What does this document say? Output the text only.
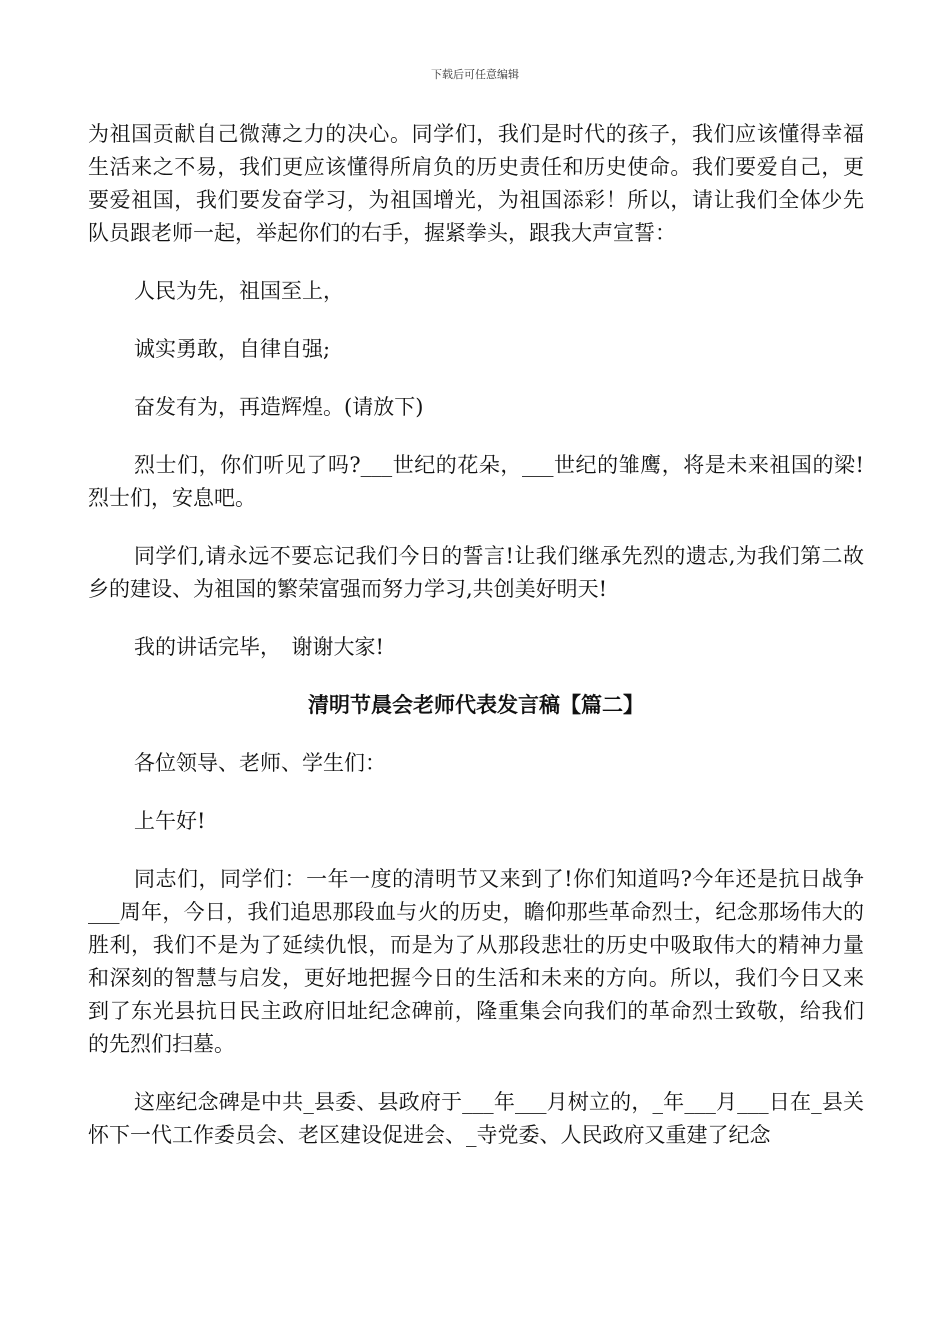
下载后可任意编辑

为祖国贡献自己微薄之力的决心。同学们，我们是时代的孩子，我们应该懂得幸福生活来之不易，我们更应该懂得所肩负的历史责任和历史使命。我们要爱自己，更要爱祖国，我们要发奋学习，为祖国增光，为祖国添彩！所以，请让我们全体少先队员跟老师一起，举起你们的右手，握紧拳头，跟我大声宣誓：

人民为先，祖国至上，

诚实勇敢，自律自强;

奋发有为，再造辉煌。(请放下)

烈士们，你们听见了吗?___世纪的花朵，___世纪的雏鹰，将是未来祖国的梁!烈士们，安息吧。

同学们,请永远不要忘记我们今日的誓言!让我们继承先烈的遗志,为我们第二故乡的建设、为祖国的繁荣富强而努力学习,共创美好明天!

我的讲话完毕，　谢谢大家!

清明节晨会老师代表发言稿【篇二】

各位领导、老师、学生们：

上午好!

同志们，同学们：一年一度的清明节又来到了!你们知道吗?今年还是抗日战争___周年，今日，我们追思那段血与火的历史，瞻仰那些革命烈士，纪念那场伟大的胜利，我们不是为了延续仇恨，而是为了从那段悲壮的历史中吸取伟大的精神力量和深刻的智慧与启发，更好地把握今日的生活和未来的方向。所以，我们今日又来到了东光县抗日民主政府旧址纪念碑前，隆重集会向我们的革命烈士致敬，给我们的先烈们扫墓。

这座纪念碑是中共_县委、县政府于___年___月树立的，_年___月___日在_县关怀下一代工作委员会、老区建设促进会、_寺党委、人民政府又重建了纪念
